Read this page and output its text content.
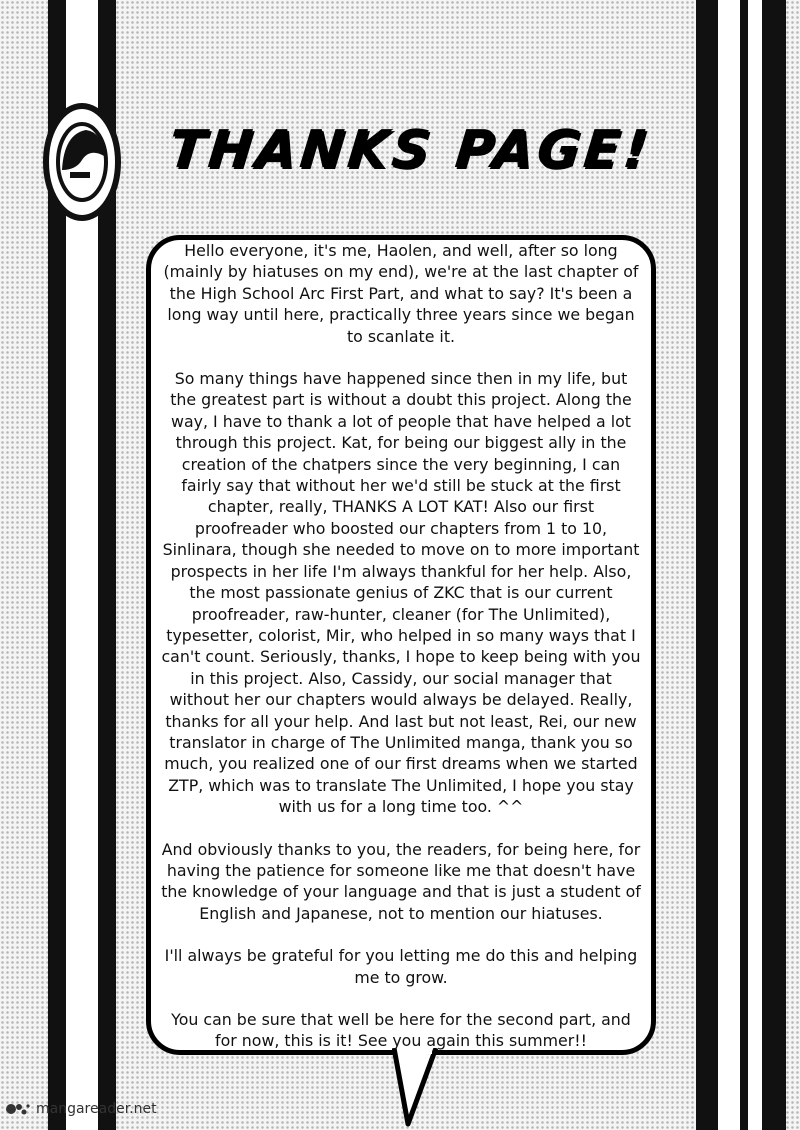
THANKS PAGE!

Hello everyone, it's me, Haolen, and well, after so long (mainly by hiatuses on my end), we're at the last chapter of the High School Arc First Part, and what to say? It's been a long way until here, practically three years since we began to scanlate it.

So many things have happened since then in my life, but the greatest part is without a doubt this project. Along the way, I have to thank a lot of people that have helped a lot through this project. Kat, for being our biggest ally in the creation of the chatpers since the very beginning, I can fairly say that without her we'd still be stuck at the first chapter, really, THANKS A LOT KAT! Also our first proofreader who boosted our chapters from 1 to 10, Sinlinara, though she needed to move on to more important prospects in her life I'm always thankful for her help. Also, the most passionate genius of ZKC that is our current proofreader, raw-hunter, cleaner (for The Unlimited), typesetter, colorist, Mir, who helped in so many ways that I can't count. Seriously, thanks, I hope to keep being with you in this project. Also, Cassidy, our social manager that without her our chapters would always be delayed. Really, thanks for all your help. And last but not least, Rei, our new translator in charge of The Unlimited manga, thank you so much, you realized one of our first dreams when we started ZTP, which was to translate The Unlimited, I hope you stay with us for a long time too. ^^

And obviously thanks to you, the readers, for being here, for having the patience for someone like me that doesn't have the knowledge of your language and that is just a student of English and Japanese, not to mention our hiatuses.

I'll always be grateful for you letting me do this and helping me to grow.

You can be sure that well be here for the second part, and for now, this is it! See you again this summer!!

mangareader.net
